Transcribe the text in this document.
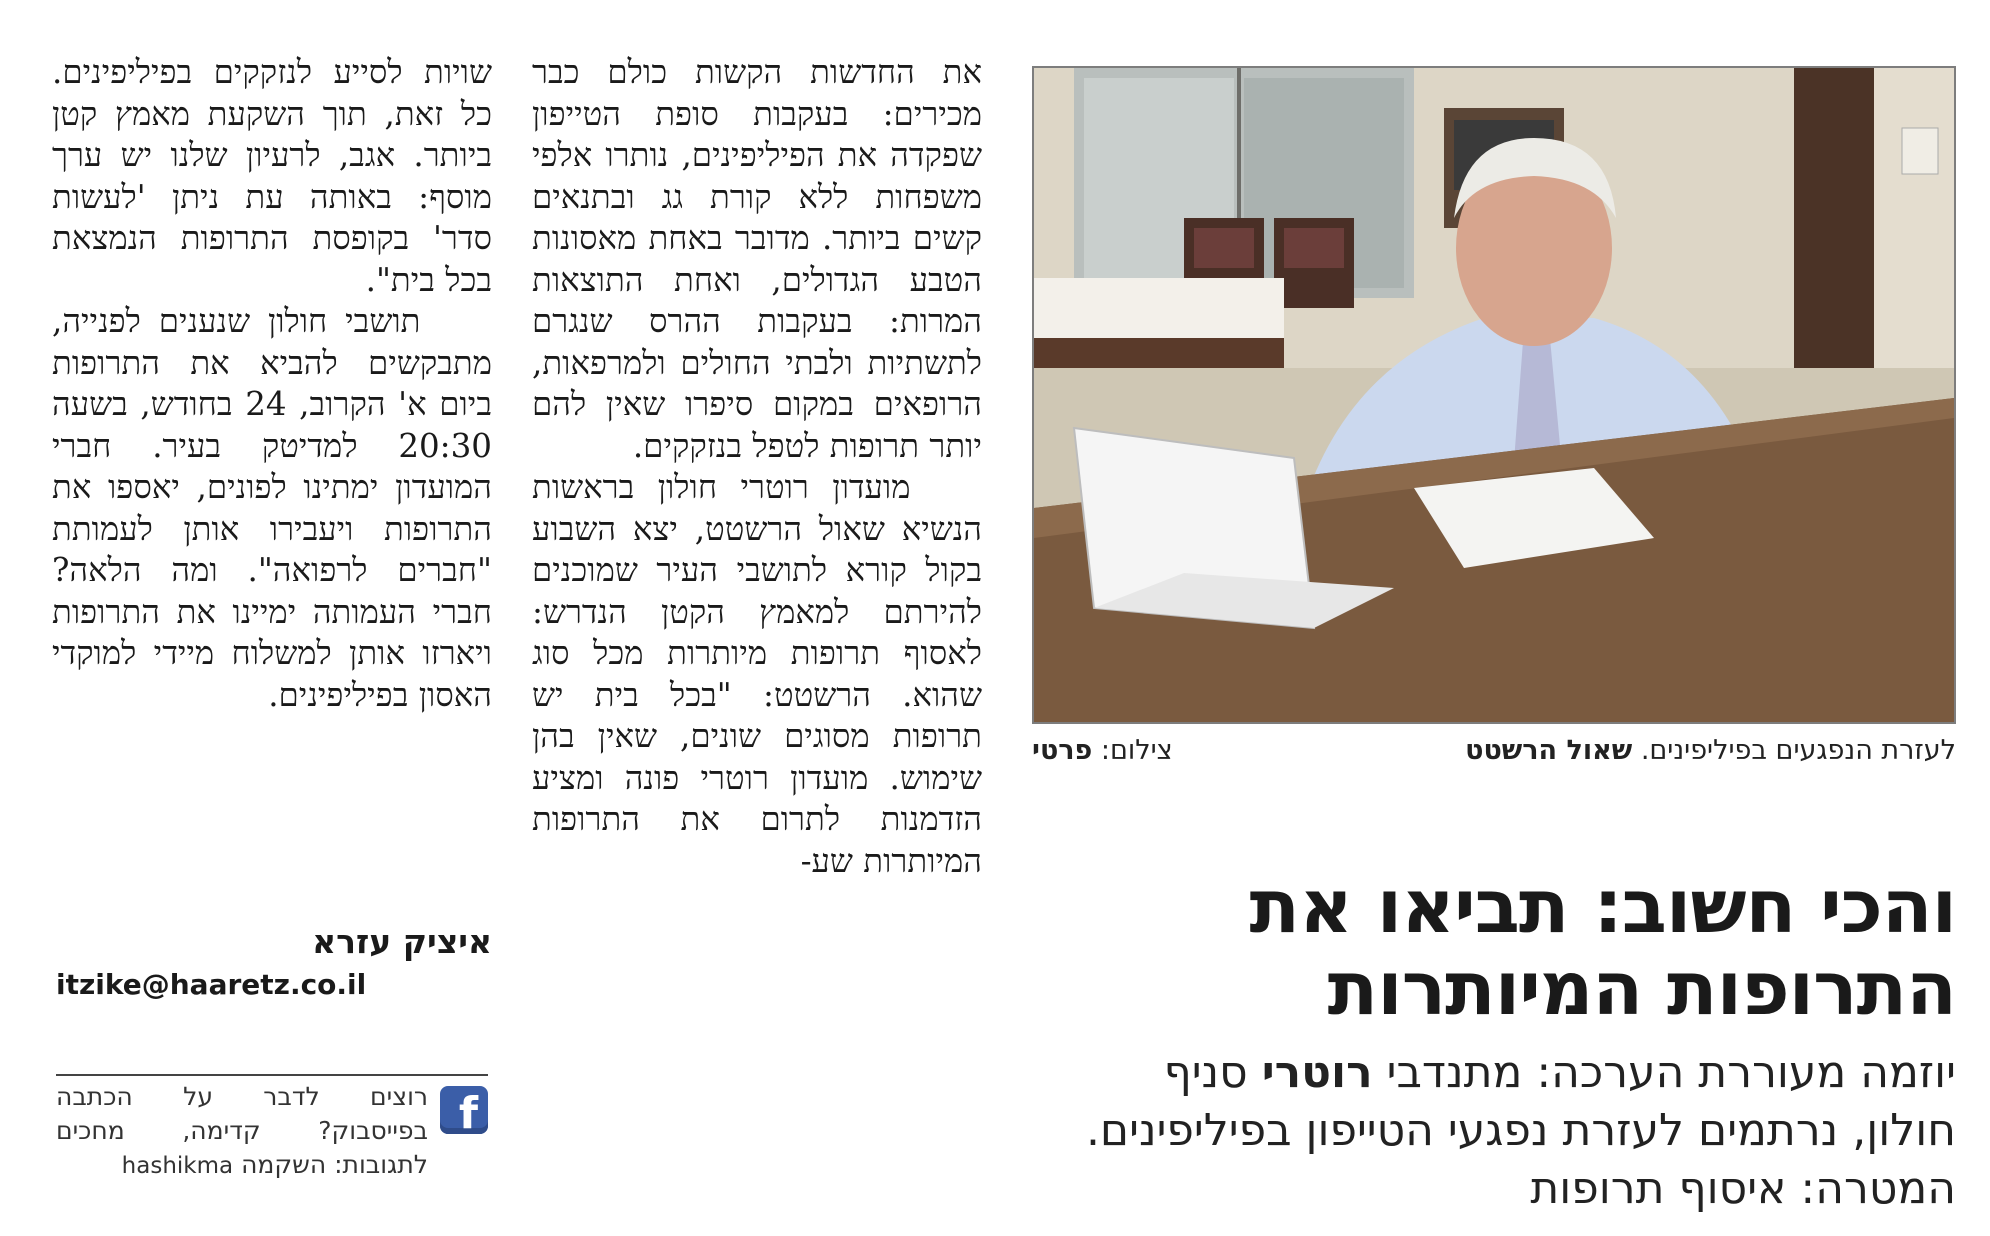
לעזרת הנפגעים בפיליפינים. שאול הרשטט
צילום: פרטי
והכי חשוב: תביאו את
התרופות המיותרות
יוזמה מעוררת הערכה: מתנדבי רוטרי סניף חולון, נרתמים לעזרת נפגעי הטייפון בפיליפינים. המטרה: איסוף תרופות

את החדשות הקשות כולם כבר מכירים: בעקבות סופת הטייפון שפקדה את הפיליפינים, נותרו אלפי משפחות ללא קורת גג ובתנאים קשים ביותר. מדובר באחת מאסונות הטבע הגדולים, ואחת התוצאות המרות: בעקבות ההרס שנגרם לתשתיות ולבתי החולים ולמרפאות, הרופאים במקום סיפרו שאין להם יותר תרופות לטפל בנזקקים.

מועדון רוטרי חולון בראשות הנשיא שאול הרשטט, יצא השבוע בקול קורא לתושבי העיר שמוכנים להירתם למאמץ הקטן הנדרש: לאסוף תרופות מיותרות מכל סוג שהוא. הרשטט: "בכל בית יש תרופות מסוגים שונים, שאין בהן שימוש. מועדון רוטרי פונה ומציע הזדמנות לתרום את התרופות המיותרות שע-

שויות לסייע לנזקקים בפיליפינים. כל זאת, תוך השקעת מאמץ קטן ביותר. אגב, לרעיון שלנו יש ערך מוסף: באותה עת ניתן 'לעשות סדר' בקופסת התרופות הנמצאת בכל בית".

תושבי חולון שנענים לפנייה, מתבקשים להביא את התרופות ביום א' הקרוב, 24 בחודש, בשעה 20:30 למדיטק בעיר. חברי המועדון ימתינו לפונים, יאספו את התרופות ויעבירו אותן לעמותת "חברים לרפואה". ומה הלאה? חברי העמותה ימיינו את התרופות ויארזו אותן למשלוח מיידי למוקדי האסון בפיליפינים.

איציק עזרא
itzike@haaretz.co.il
f
רוצים לדבר על הכתבה
בפייסבוק? קדימה, מחכים
לתגובות: השקמה hashikma
